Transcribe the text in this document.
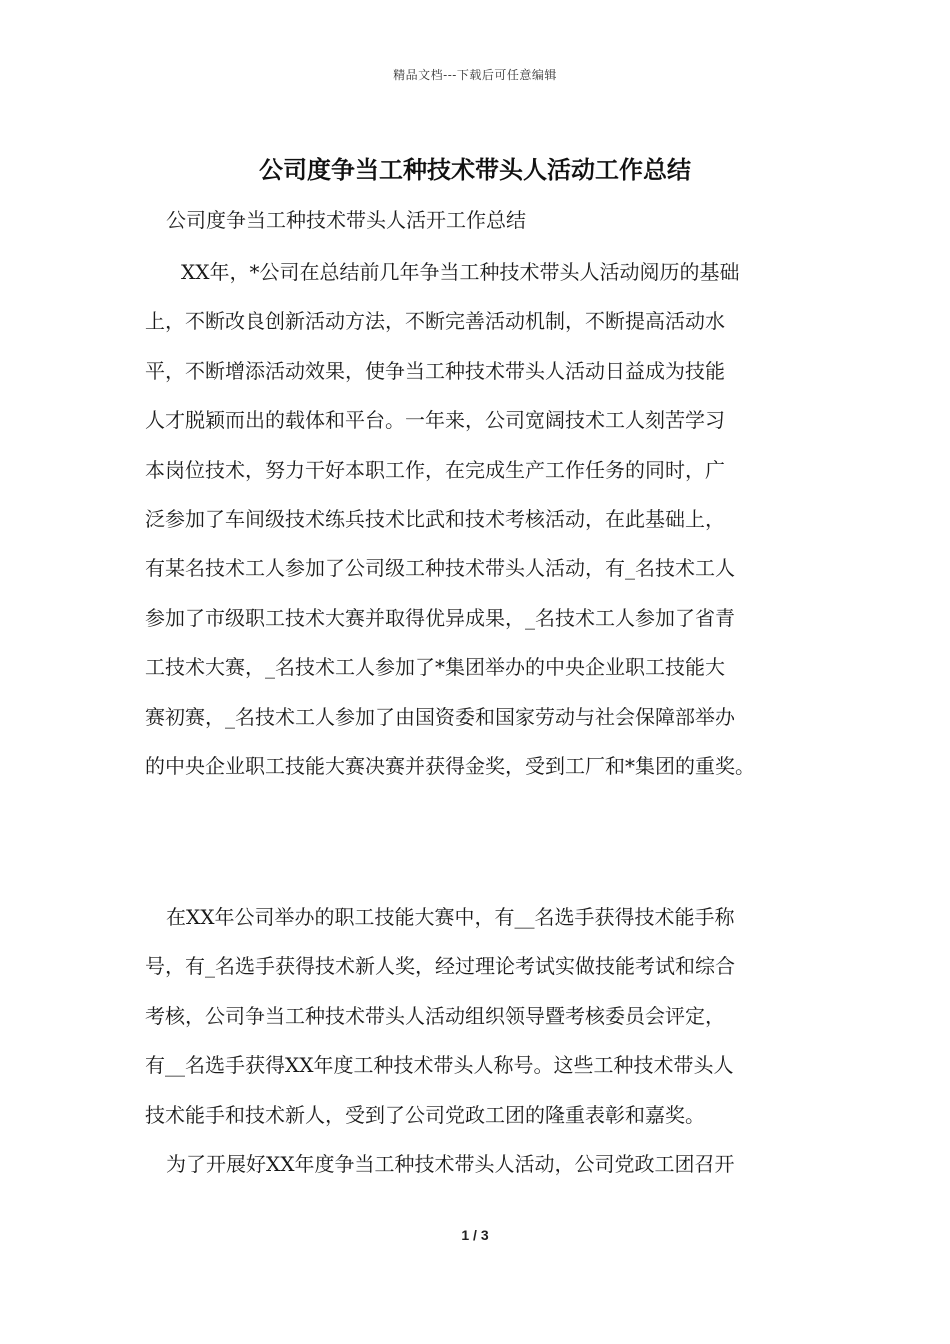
精品文档---下载后可任意编辑
公司度争当工种技术带头人活动工作总结
公司度争当工种技术带头人活开工作总结
XX年，*公司在总结前几年争当工种技术带头人活动阅历的基础
上，不断改良创新活动方法，不断完善活动机制，不断提高活动水
平，不断增添活动效果，使争当工种技术带头人活动日益成为技能
人才脱颖而出的载体和平台。一年来，公司宽阔技术工人刻苦学习
本岗位技术，努力干好本职工作，在完成生产工作任务的同时，广
泛参加了车间级技术练兵技术比武和技术考核活动，在此基础上，
有某名技术工人参加了公司级工种技术带头人活动，有_名技术工人
参加了市级职工技术大赛并取得优异成果，_名技术工人参加了省青
工技术大赛，_名技术工人参加了*集团举办的中央企业职工技能大
赛初赛，_名技术工人参加了由国资委和国家劳动与社会保障部举办
的中央企业职工技能大赛决赛并获得金奖，受到工厂和*集团的重奖。
在XX年公司举办的职工技能大赛中，有__名选手获得技术能手称
号，有_名选手获得技术新人奖，经过理论考试实做技能考试和综合
考核，公司争当工种技术带头人活动组织领导暨考核委员会评定，
有__名选手获得XX年度工种技术带头人称号。这些工种技术带头人
技术能手和技术新人，受到了公司党政工团的隆重表彰和嘉奖。
为了开展好XX年度争当工种技术带头人活动，公司党政工团召开
1 / 3
